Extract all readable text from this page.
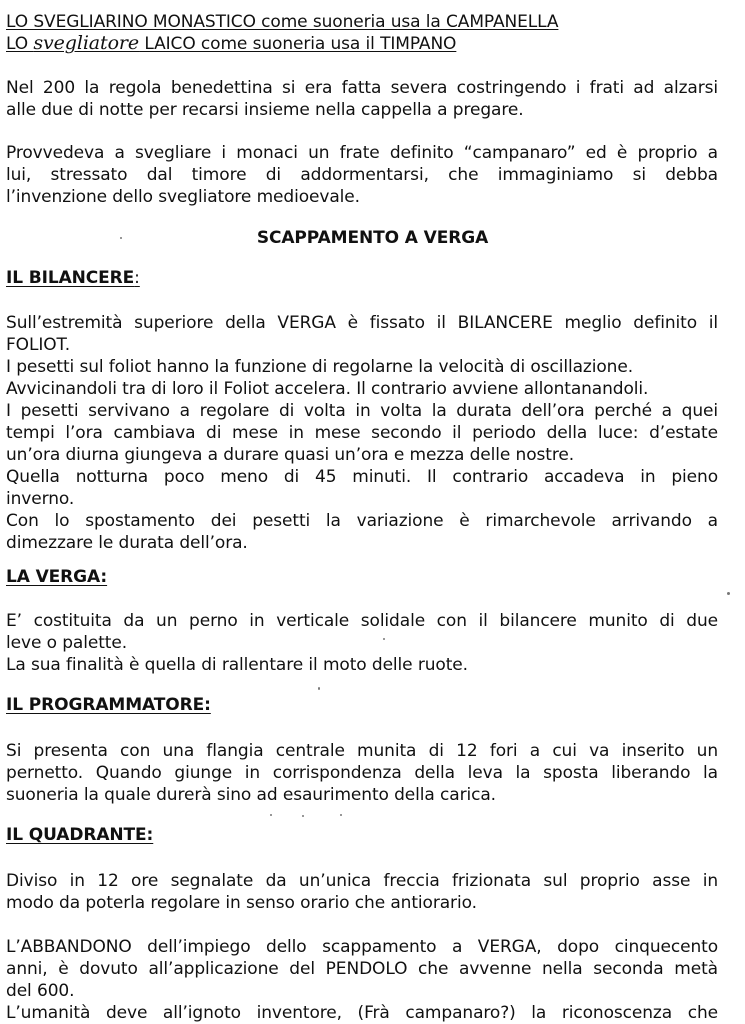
LO SVEGLIARINO MONASTICO come suoneria usa la CAMPANELLA
LO svegliatore LAICO come suoneria usa il TIMPANO
Nel 200 la regola benedettina si era fatta severa costringendo i frati ad alzarsi
alle due di notte per recarsi insieme nella cappella a pregare.
Provvedeva a svegliare i monaci un frate definito “campanaro” ed è proprio a
lui, stressato dal timore di addormentarsi, che immaginiamo si debba
l’invenzione dello svegliatore medioevale.
SCAPPAMENTO A VERGA
IL BILANCERE:
Sull’estremità superiore della VERGA è fissato il BILANCERE meglio definito il
FOLIOT.
I pesetti sul foliot hanno la funzione di regolarne la velocità di oscillazione.
Avvicinandoli tra di loro il Foliot accelera. Il contrario avviene allontanandoli.
I pesetti servivano a regolare di volta in volta la durata dell’ora perché a quei
tempi l’ora cambiava di mese in mese secondo il periodo della luce: d’estate
un’ora diurna giungeva a durare quasi un’ora e mezza delle nostre.
Quella notturna poco meno di 45 minuti. Il contrario accadeva in pieno
inverno.
Con lo spostamento dei pesetti la variazione è rimarchevole arrivando a
dimezzare le durata dell’ora.
LA VERGA:
E’ costituita da un perno in verticale solidale con il bilancere munito di due
leve o palette.
La sua finalità è quella di rallentare il moto delle ruote.
IL PROGRAMMATORE:
Si presenta con una flangia centrale munita di 12 fori a cui va inserito un
pernetto. Quando giunge in corrispondenza della leva la sposta liberando la
suoneria la quale durerà sino ad esaurimento della carica.
IL QUADRANTE:
Diviso in 12 ore segnalate da un’unica freccia frizionata sul proprio asse in
modo da poterla regolare in senso orario che antiorario.
L’ABBANDONO dell’impiego dello scappamento a VERGA, dopo cinquecento
anni, è dovuto all’applicazione del PENDOLO che avvenne nella seconda metà
del 600.
L’umanità deve all’ignoto inventore, (Frà campanaro?) la riconoscenza che
